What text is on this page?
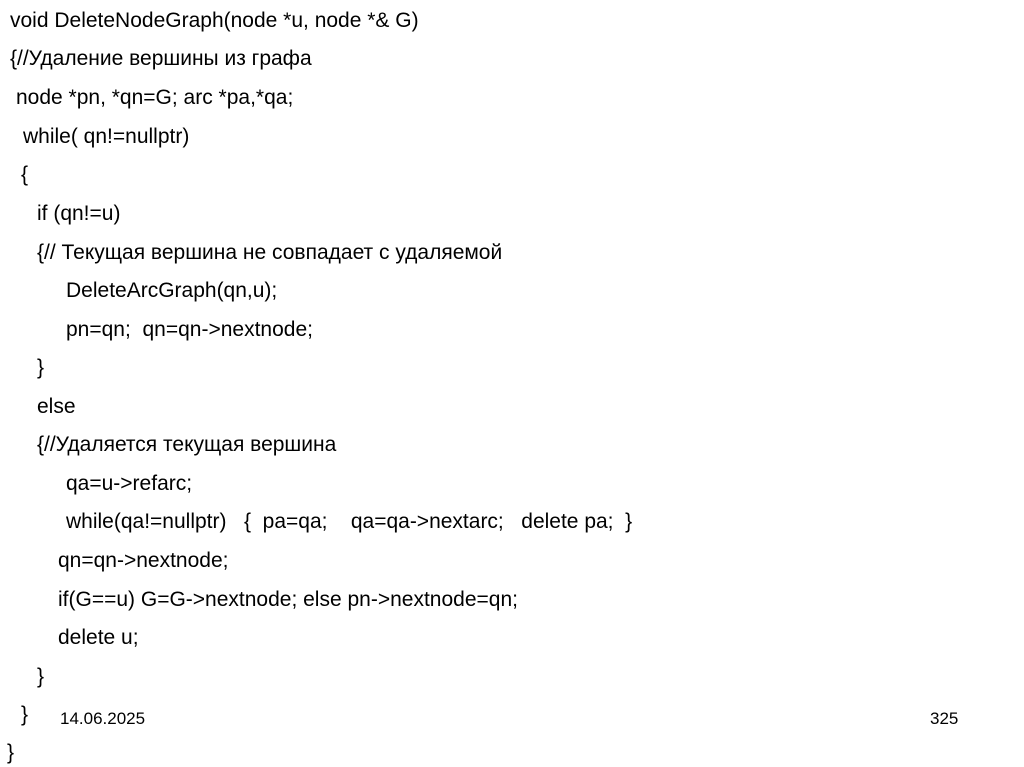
void DeleteNodeGraph(node *u, node *& G)
{//Удаление вершины из графа
node *pn, *qn=G; arc *pa,*qa;
while( qn!=nullptr)
{
if (qn!=u)
{// Текущая вершина не совпадает с удаляемой
DeleteArcGraph(qn,u);
pn=qn;  qn=qn->nextnode;
}
else
{//Удаляется текущая вершина
qa=u->refarc;
while(qa!=nullptr)   {  pa=qa;    qa=qa->nextarc;   delete pa;  }
qn=qn->nextnode;
if(G==u) G=G->nextnode; else pn->nextnode=qn;
delete u;
}
}
}
14.06.2025	325
